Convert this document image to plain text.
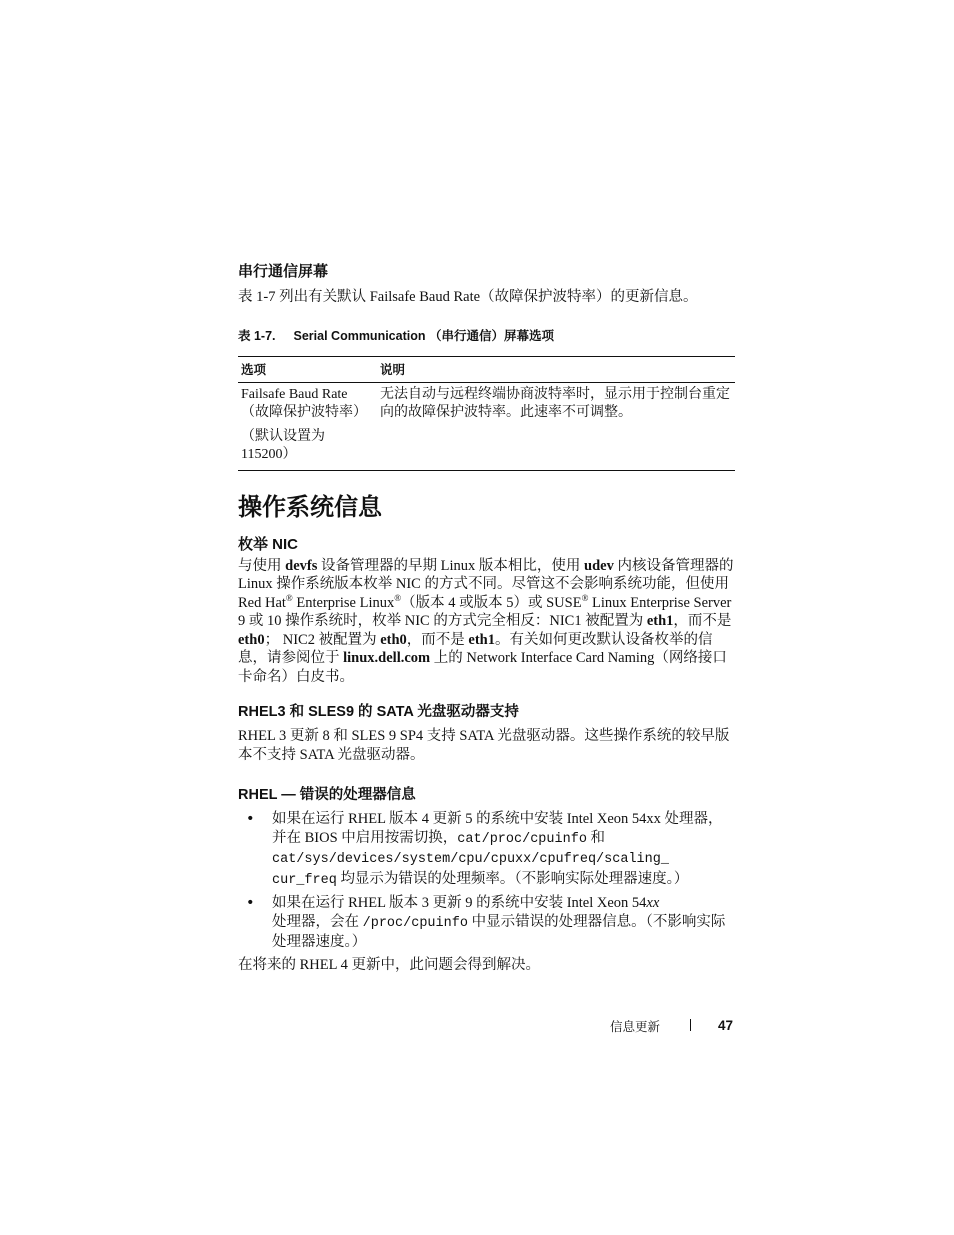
串行通信屏幕

表 1-7 列出有关默认 Failsafe Baud Rate（故障保护波特率）的更新信息。

表 1-7. Serial Communication （串行通信）屏幕选项
选项	说明

Failsafe Baud Rate
（故障保护波特率）
（默认设置为
115200）	无法自动与远程终端协商波特率时，显示用于控制台重定向的故障保护波特率。此速率不可调整。
操作系统信息
枚举 NIC

与使用 devfs 设备管理器的早期 Linux 版本相比，使用 udev 内核设备管理器的 Linux 操作系统版本枚举 NIC 的方式不同。尽管这不会影响系统功能，但使用 Red Hat® Enterprise Linux®（版本 4 或版本 5）或 SUSE® Linux Enterprise Server 9 或 10 操作系统时，枚举 NIC 的方式完全相反：NIC1 被配置为 eth1，而不是 eth0； NIC2 被配置为 eth0，而不是 eth1。有关如何更改默认设备枚举的信息，请参阅位于 linux.dell.com 上的 Network Interface Card Naming（网络接口卡命名）白皮书。

RHEL3 和 SLES9 的 SATA 光盘驱动器支持

RHEL 3 更新 8 和 SLES 9 SP4 支持 SATA 光盘驱动器。这些操作系统的较早版本不支持 SATA 光盘驱动器。

RHEL — 错误的处理器信息
• 如果在运行 RHEL 版本 4 更新 5 的系统中安装 Intel Xeon 54xx 处理器，并在 BIOS 中启用按需切换，cat/proc/cpuinfo 和
cat/sys/devices/system/cpu/cpuxx/cpufreq/scaling_
cur_freq 均显示为错误的处理频率。（不影响实际处理器速度。）
• 如果在运行 RHEL 版本 3 更新 9 的系统中安装 Intel Xeon 54xx
处理器，会在 /proc/cpuinfo 中显示错误的处理器信息。（不影响实际处理器速度。）

在将来的 RHEL 4 更新中，此问题会得到解决。

信息更新	47
